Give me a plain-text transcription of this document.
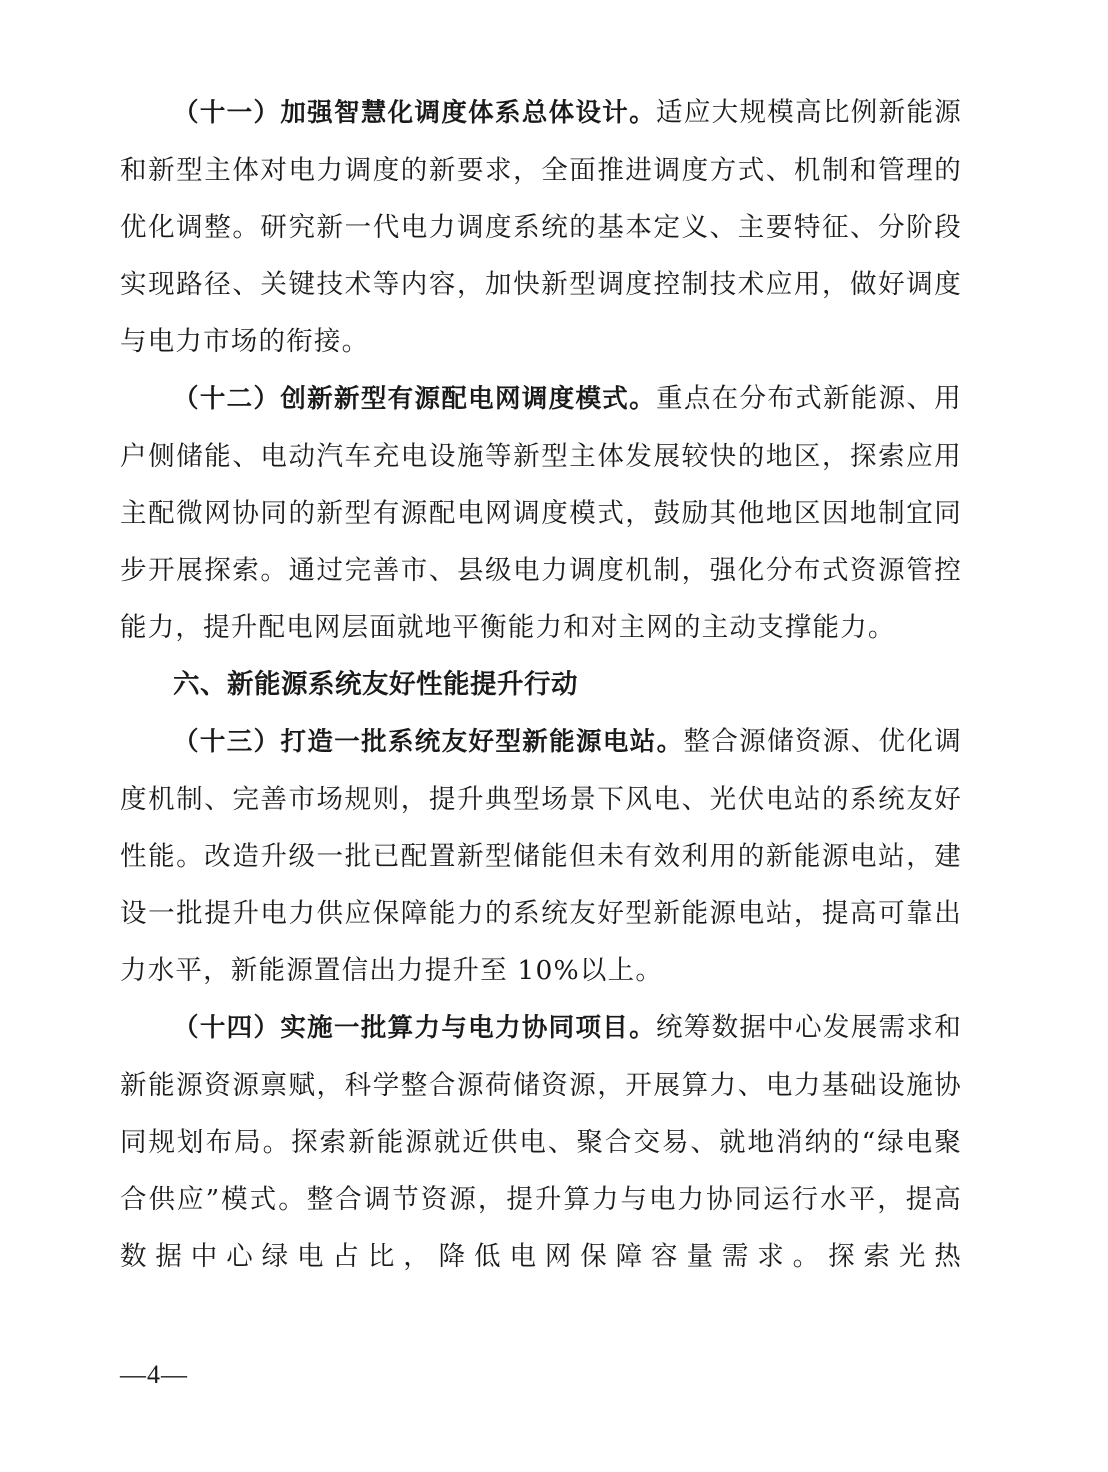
（十一）加强智慧化调度体系总体设计。适应大规模高比例新能源和新型主体对电力调度的新要求，全面推进调度方式、机制和管理的优化调整。研究新一代电力调度系统的基本定义、主要特征、分阶段实现路径、关键技术等内容，加快新型调度控制技术应用，做好调度与电力市场的衔接。

（十二）创新新型有源配电网调度模式。重点在分布式新能源、用户侧储能、电动汽车充电设施等新型主体发展较快的地区，探索应用主配微网协同的新型有源配电网调度模式，鼓励其他地区因地制宜同步开展探索。通过完善市、县级电力调度机制，强化分布式资源管控能力，提升配电网层面就地平衡能力和对主网的主动支撑能力。

六、新能源系统友好性能提升行动

（十三）打造一批系统友好型新能源电站。整合源储资源、优化调度机制、完善市场规则，提升典型场景下风电、光伏电站的系统友好性能。改造升级一批已配置新型储能但未有效利用的新能源电站，建设一批提升电力供应保障能力的系统友好型新能源电站，提高可靠出力水平，新能源置信出力提升至 10%以上。

（十四）实施一批算力与电力协同项目。统筹数据中心发展需求和新能源资源禀赋，科学整合源荷储资源，开展算力、电力基础设施协同规划布局。探索新能源就近供电、聚合交易、就地消纳的“绿电聚合供应”模式。整合调节资源，提升算力与电力协同运行水平，提高数据中心绿电占比，降低电网保障容量需求。探索光热

—4—
